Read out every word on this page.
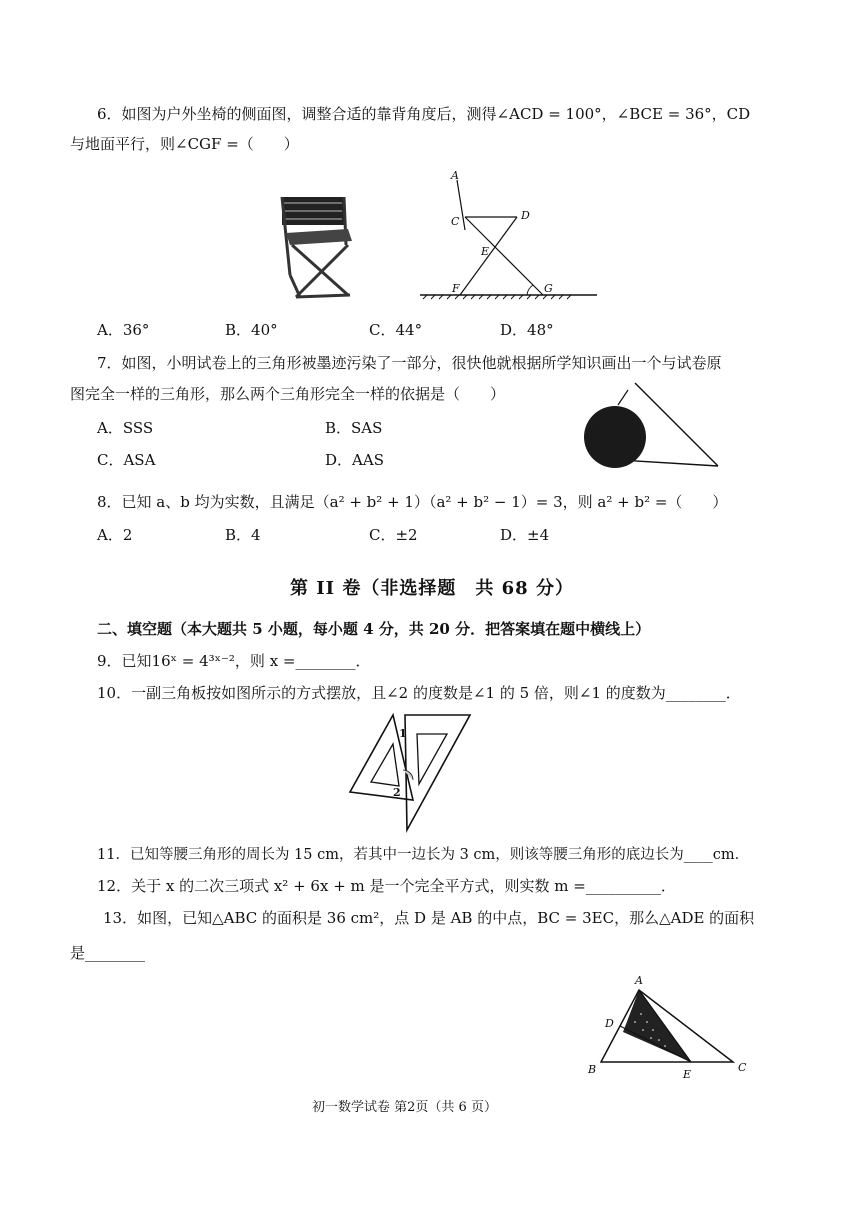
6．如图为户外坐椅的侧面图，调整合适的靠背角度后，测得∠ACD = 100°，∠BCE = 36°，CD
与地面平行，则∠CGF =（　　）
A
C	D
E
F	G
A．36°	B．40°	C．44°	D．48°
7．如图，小明试卷上的三角形被墨迹污染了一部分，很快他就根据所学知识画出一个与试卷原
图完全一样的三角形，那么两个三角形完全一样的依据是（　　）
A．SSS	B．SAS
C．ASA	D．AAS
8．已知 a、b 均为实数，且满足（a² + b² + 1）（a² + b² − 1）= 3，则 a² + b² =（　　）
A．2	B．4	C．±2	D．±4
第 II 卷（非选择题　共 68 分）
二、填空题（本大题共 5 小题，每小题 4 分，共 20 分．把答案填在题中横线上）
9．已知16ˣ = 4³ˣ⁻²，则 x =________．
10．一副三角板按如图所示的方式摆放，且∠2 的度数是∠1 的 5 倍，则∠1 的度数为________．
1
2
11．已知等腰三角形的周长为 15 cm，若其中一边长为 3 cm，则该等腰三角形的底边长为____cm．
12．关于 x 的二次三项式 x² + 6x + m 是一个完全平方式，则实数 m =__________．
13．如图，已知△ABC 的面积是 36 cm²，点 D 是 AB 的中点，BC = 3EC，那么△ADE 的面积
是________
A
D
B	E
C
初一数学试卷 第2页（共 6 页）
